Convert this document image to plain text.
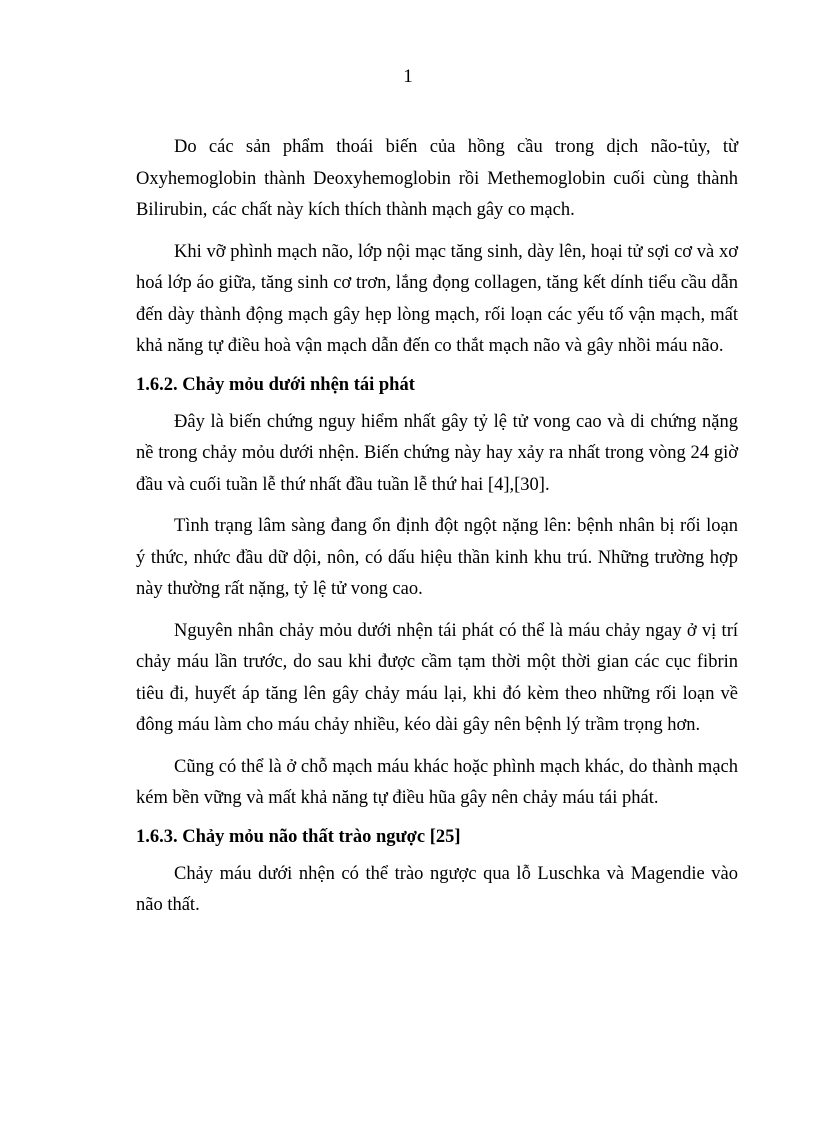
1

Do các sản phẩm thoái biến của hồng cầu trong dịch não-tủy, từ Oxyhemoglobin thành Deoxyhemoglobin rồi Methemoglobin cuối cùng thành Bilirubin, các chất này kích thích thành mạch gây co mạch.

Khi vỡ phình mạch não, lớp nội mạc tăng sinh, dày lên, hoại tử sợi cơ và xơ hoá lớp áo giữa, tăng sinh cơ trơn, lắng đọng collagen, tăng kết dính tiểu cầu dẫn đến dày thành động mạch gây hẹp lòng mạch, rối loạn các yếu tố vận mạch, mất khả năng tự điều hoà vận mạch dẫn đến co thắt mạch não và gây nhồi máu não.

1.6.2. Chảy mỏu dưới nhện tái phát

Đây là biến chứng nguy hiểm nhất gây tỷ lệ tử vong cao và di chứng nặng nề trong chảy mỏu dưới nhện. Biến chứng này hay xảy ra nhất trong vòng 24 giờ đầu và cuối tuần lễ thứ nhất đầu tuần lễ thứ hai [4],[30].

Tình trạng lâm sàng đang ổn định đột ngột nặng lên: bệnh nhân bị rối loạn ý thức, nhức đầu dữ dội, nôn, có dấu hiệu thần kinh khu trú. Những trường hợp này thường rất nặng, tỷ lệ tử vong cao.

Nguyên nhân chảy mỏu dưới nhện tái phát có thể là máu chảy ngay ở vị trí chảy máu lần trước, do sau khi được cầm tạm thời một thời gian các cục fibrin tiêu đi, huyết áp tăng lên gây chảy máu lại, khi đó kèm theo những rối loạn về đông máu làm cho máu chảy nhiều, kéo dài gây nên bệnh lý trầm trọng hơn.

Cũng có thể là ở chỗ mạch máu khác hoặc phình mạch khác, do thành mạch kém bền vững và mất khả năng tự điều hũa gây nên chảy máu tái phát.

1.6.3. Chảy mỏu não thất trào ngược [25]

Chảy máu dưới nhện có thể trào ngược qua lỗ Luschka và Magendie vào não thất.
